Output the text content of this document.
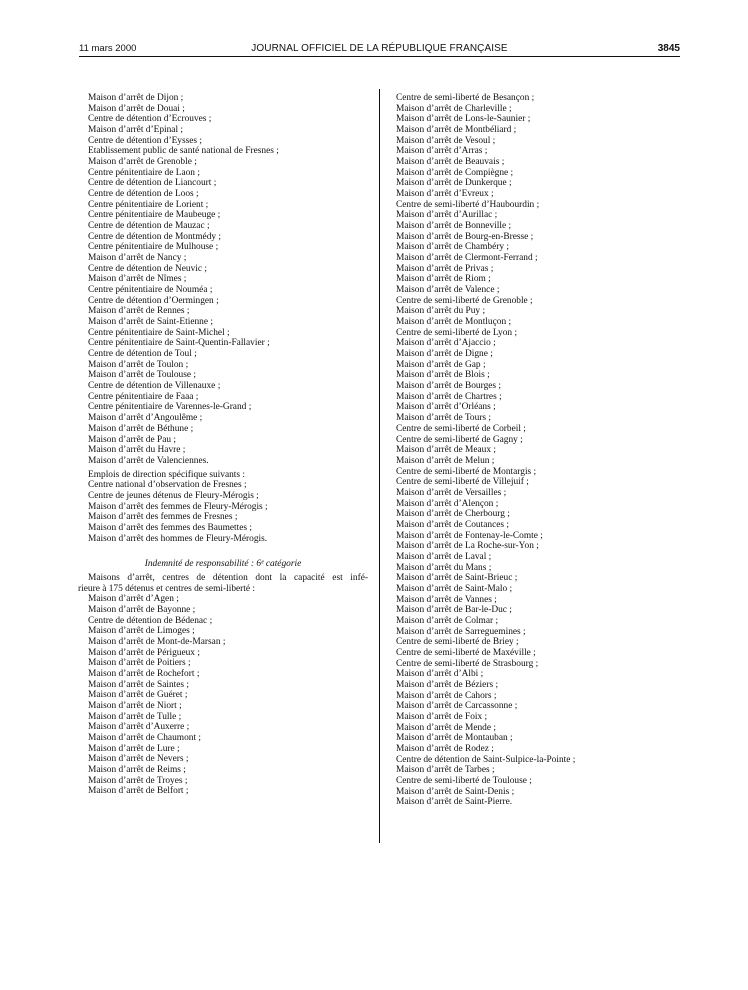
11 mars 2000	JOURNAL OFFICIEL DE LA RÉPUBLIQUE FRANÇAISE	3845
Maison d’arrêt de Dijon ;
Maison d’arrêt de Douai ;
Centre de détention d’Ecrouves ;
Maison d’arrêt d’Epinal ;
Centre de détention d’Eysses ;
Etablissement public de santé national de Fresnes ;
Maison d’arrêt de Grenoble ;
Centre pénitentiaire de Laon ;
Centre de détention de Liancourt ;
Centre de détention de Loos ;
Centre pénitentiaire de Lorient ;
Centre pénitentiaire de Maubeuge ;
Centre de détention de Mauzac ;
Centre de détention de Montmédy ;
Centre pénitentiaire de Mulhouse ;
Maison d’arrêt de Nancy ;
Centre de détention de Neuvic ;
Maison d’arrêt de Nîmes ;
Centre pénitentiaire de Nouméa ;
Centre de détention d’Oermingen ;
Maison d’arrêt de Rennes ;
Maison d’arrêt de Saint-Etienne ;
Centre pénitentiaire de Saint-Michel ;
Centre pénitentiaire de Saint-Quentin-Fallavier ;
Centre de détention de Toul ;
Maison d’arrêt de Toulon ;
Maison d’arrêt de Toulouse ;
Centre de détention de Villenauxe ;
Centre pénitentiaire de Faaa ;
Centre pénitentiaire de Varennes-le-Grand ;
Maison d’arrêt d’Angoulême ;
Maison d’arrêt de Béthune ;
Maison d’arrêt de Pau ;
Maison d’arrêt du Havre ;
Maison d’arrêt de Valenciennes.
Emplois de direction spécifique suivants :
Centre national d’observation de Fresnes ;
Centre de jeunes détenus de Fleury-Mérogis ;
Maison d’arrêt des femmes de Fleury-Mérogis ;
Maison d’arrêt des femmes de Fresnes ;
Maison d’arrêt des femmes des Baumettes ;
Maison d’arrêt des hommes de Fleury-Mérogis.
Indemnité de responsabilité : 6ᵉ catégorie
Maisons d’arrêt, centres de détention dont la capacité est infé-
rieure à 175 détenus et centres de semi-liberté :
Maison d’arrêt d’Agen ;
Maison d’arrêt de Bayonne ;
Centre de détention de Bédenac ;
Maison d’arrêt de Limoges ;
Maison d’arrêt de Mont-de-Marsan ;
Maison d’arrêt de Périgueux ;
Maison d’arrêt de Poitiers ;
Maison d’arrêt de Rochefort ;
Maison d’arrêt de Saintes ;
Maison d’arrêt de Guéret ;
Maison d’arrêt de Niort ;
Maison d’arrêt de Tulle ;
Maison d’arrêt d’Auxerre ;
Maison d’arrêt de Chaumont ;
Maison d’arrêt de Lure ;
Maison d’arrêt de Nevers ;
Maison d’arrêt de Reims ;
Maison d’arrêt de Troyes ;
Maison d’arrêt de Belfort ;
Centre de semi-liberté de Besançon ;
Maison d’arrêt de Charleville ;
Maison d’arrêt de Lons-le-Saunier ;
Maison d’arrêt de Montbéliard ;
Maison d’arrêt de Vesoul ;
Maison d’arrêt d’Arras ;
Maison d’arrêt de Beauvais ;
Maison d’arrêt de Compiègne ;
Maison d’arrêt de Dunkerque ;
Maison d’arrêt d’Evreux ;
Centre de semi-liberté d’Haubourdin ;
Maison d’arrêt d’Aurillac ;
Maison d’arrêt de Bonneville ;
Maison d’arrêt de Bourg-en-Bresse ;
Maison d’arrêt de Chambéry ;
Maison d’arrêt de Clermont-Ferrand ;
Maison d’arrêt de Privas ;
Maison d’arrêt de Riom ;
Maison d’arrêt de Valence ;
Centre de semi-liberté de Grenoble ;
Maison d’arrêt du Puy ;
Maison d’arrêt de Montluçon ;
Centre de semi-liberté de Lyon ;
Maison d’arrêt d’Ajaccio ;
Maison d’arrêt de Digne ;
Maison d’arrêt de Gap ;
Maison d’arrêt de Blois ;
Maison d’arrêt de Bourges ;
Maison d’arrêt de Chartres ;
Maison d’arrêt d’Orléans ;
Maison d’arrêt de Tours ;
Centre de semi-liberté de Corbeil ;
Centre de semi-liberté de Gagny ;
Maison d’arrêt de Meaux ;
Maison d’arrêt de Melun ;
Centre de semi-liberté de Montargis ;
Centre de semi-liberté de Villejuif ;
Maison d’arrêt de Versailles ;
Maison d’arrêt d’Alençon ;
Maison d’arrêt de Cherbourg ;
Maison d’arrêt de Coutances ;
Maison d’arrêt de Fontenay-le-Comte ;
Maison d’arrêt de La Roche-sur-Yon ;
Maison d’arrêt de Laval ;
Maison d’arrêt du Mans ;
Maison d’arrêt de Saint-Brieuc ;
Maison d’arrêt de Saint-Malo ;
Maison d’arrêt de Vannes ;
Maison d’arrêt de Bar-le-Duc ;
Maison d’arrêt de Colmar ;
Maison d’arrêt de Sarreguemines ;
Centre de semi-liberté de Briey ;
Centre de semi-liberté de Maxéville ;
Centre de semi-liberté de Strasbourg ;
Maison d’arrêt d’Albi ;
Maison d’arrêt de Béziers ;
Maison d’arrêt de Cahors ;
Maison d’arrêt de Carcassonne ;
Maison d’arrêt de Foix ;
Maison d’arrêt de Mende ;
Maison d’arrêt de Montauban ;
Maison d’arrêt de Rodez ;
Centre de détention de Saint-Sulpice-la-Pointe ;
Maison d’arrêt de Tarbes ;
Centre de semi-liberté de Toulouse ;
Maison d’arrêt de Saint-Denis ;
Maison d’arrêt de Saint-Pierre.
